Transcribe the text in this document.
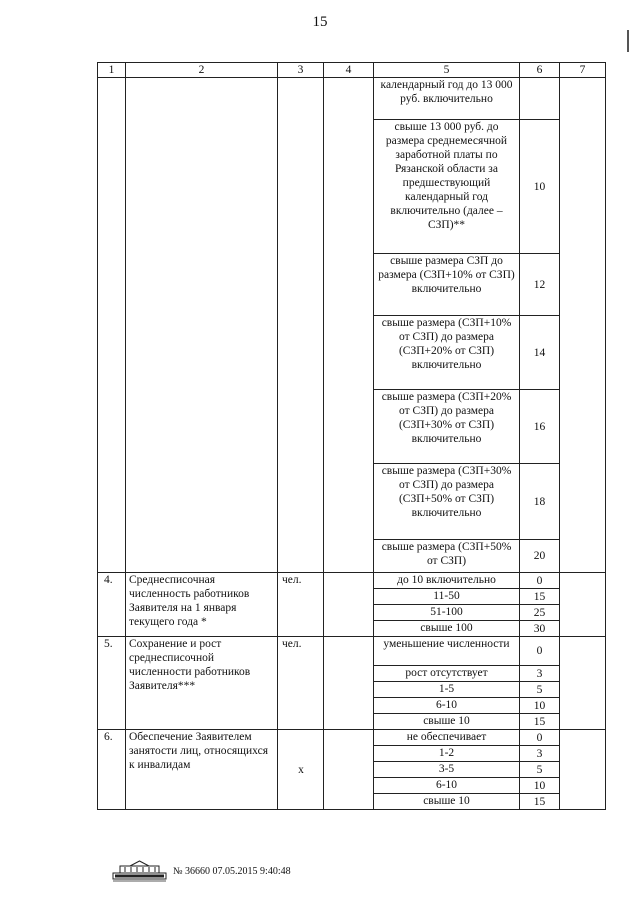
15
1	2	3	4	5	6	7
				календарный год до 13 000 руб. включительно		
				свыше 13 000 руб. до размера среднемесячной заработной платы по Рязанской области за предшествующий календарный год включительно (далее – СЗП)**	10	
				свыше размера СЗП до размера (СЗП+10% от СЗП) включительно	12	
				свыше размера (СЗП+10% от СЗП) до размера (СЗП+20% от СЗП) включительно	14	
				свыше размера (СЗП+20% от СЗП) до размера (СЗП+30% от СЗП) включительно	16	
				свыше размера (СЗП+30% от СЗП) до размера (СЗП+50% от СЗП) включительно	18	
				свыше размера (СЗП+50% от СЗП)	20	
4.	Среднесписочная численность работников Заявителя на 1 января текущего года *	чел.		до 10 включительно	0	
				11-50	15	
				51-100	25	
				свыше 100	30	
5.	Сохранение и рост среднесписочной численности работников Заявителя***	чел.		уменьшение численности	0	
				рост отсутствует	3	
				1-5	5	
				6-10	10	
				свыше 10	15	
6.	Обеспечение Заявителем занятости лиц, относящихся к инвалидам	х		не обеспечивает	0	
				1-2	3	
				3-5	5	
				6-10	10	
				свыше 10	15	
№ 36660 07.05.2015 9:40:48
